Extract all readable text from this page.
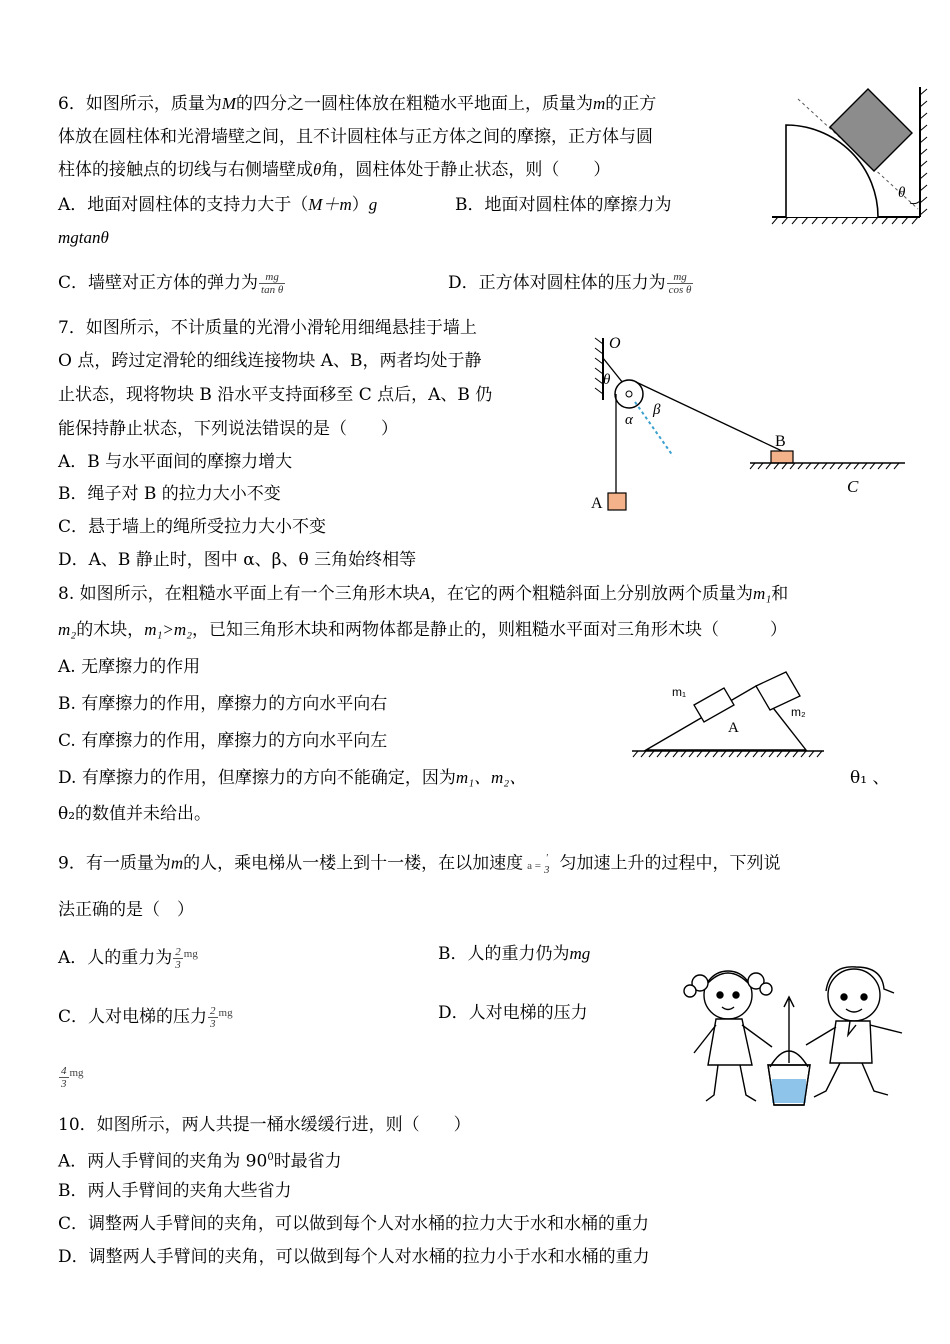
6．如图所示，质量为M的四分之一圆柱体放在粗糙水平地面上，质量为m的正方
体放在圆柱体和光滑墙壁之间，且不计圆柱体与正方体之间的摩擦，正方体与圆
柱体的接触点的切线与右侧墙壁成θ角，圆柱体处于静止状态，则（　　）
A．地面对圆柱体的支持力大于（M＋m）g	B．地面对圆柱体的摩擦力为
mgtanθ
C．墙壁对正方体的弹力为 $\frac{mg}{\text{tan θ}}$	D．正方体对圆柱体的压力为 $\frac{mg}{\text{cos θ}}$
θ
7．如图所示，不计质量的光滑小滑轮用细绳悬挂于墙上
O 点，跨过定滑轮的细线连接物块 A、B，两者均处于静
止状态，现将物块 B 沿水平支持面移至 C 点后，A、B 仍
能保持静止状态，下列说法错误的是（　　）
A．B 与水平面间的摩擦力增大
B．绳子对 B 的拉力大小不变
C．悬于墙上的绳所受拉力大小不变
D．A、B 静止时，图中 α、β、θ 三角始终相等
O
θ
α
β
A
B
C
8. 如图所示，在粗糙水平面上有一个三角形木块A，在它的两个粗糙斜面上分别放两个质量为m₁和
m₂的木块，m₁>m₂，已知三角形木块和两物体都是静止的，则粗糙水平面对三角形木块（　　　）
A. 无摩擦力的作用
B. 有摩擦力的作用，摩擦力的方向水平向右
C. 有摩擦力的作用，摩擦力的方向水平向左
D. 有摩擦力的作用，但摩擦力的方向不能确定，因为m₁、m₂、	θ₁ 、
θ₂的数值并未给出。
m₁
m₂
A
9．有一质量为m的人，乘电梯从一楼上到十一楼，在以加速度 a =
'
3 匀加速上升的过程中，下列说
法正确的是（　）
A．人的重力为 $\frac{2}{3} ^{mg}$	B．人的重力仍为mg
C．人对电梯的压力 $\frac{2}{3} ^{mg}$	D．人对电梯的压力
$\frac{4}{3} ^{mg}$
10．如图所示，两人共提一桶水缓缓行进，则（　　）
A．两人手臂间的夹角为 $90^0$时最省力
B．两人手臂间的夹角大些省力
C．调整两人手臂间的夹角，可以做到每个人对水桶的拉力大于水和水桶的重力
D．调整两人手臂间的夹角，可以做到每个人对水桶的拉力小于水和水桶的重力
